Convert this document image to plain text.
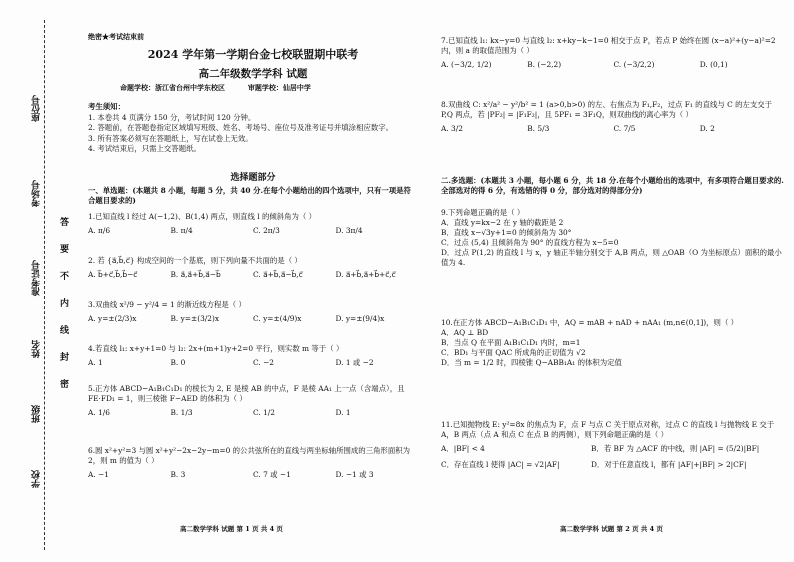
学校
班级
姓名
准考证号
考场号
座位号
答
要
不
内
线
封
密
绝密★考试结束前
2024 学年第一学期台金七校联盟期中联考
高二年级数学学科 试题
命题学校：浙江省台州中学东校区	审题学校：仙居中学
考生须知：
1. 本卷共 4 页满分 150 分，考试时间 120 分钟。
2. 答题前，在答题卷指定区域填写班级、姓名、考场号、座位号及准考证号并填涂相应数字。
3. 所有答案必须写在答题纸上，写在试卷上无效。
4. 考试结束后，只需上交答题纸。
选择题部分
一、单选题：(本题共 8 小题，每题 5 分，共 40 分.在每个小题给出的四个选项中，只有一项是符合题目要求的)
1.已知直线 l 经过 A(−1,2)、B(1,4) 两点，则直线 l 的倾斜角为（ ）
A. π/6	B. π/4	C. 2π/3	D. 3π/4
2. 若 {a⃗,b⃗,c⃗} 构成空间的一个基底，则下列向量不共面的是（ ）
A. b⃗+c⃗,b⃗,b⃗−c⃗	B. a⃗,a⃗+b⃗,a⃗−b⃗	C. a⃗+b⃗,a⃗−b⃗,c⃗	D. a⃗+b⃗,a⃗+b⃗+c⃗,c⃗
3.双曲线 x²/9 − y²/4 = 1 的渐近线方程是（ ）
A. y=±(2/3)x	B. y=±(3/2)x	C. y=±(4/9)x	D. y=±(9/4)x
4.若直线 l₁: x+y+1=0 与 l₂: 2x+(m+1)y+2=0 平行，则实数 m 等于（ ）
A. 1	B. 0	C. −2	D. 1 或 −2
5.正方体 ABCD−A₁B₁C₁D₁ 的棱长为 2, E 是棱 AB 的中点，F 是棱 AA₁ 上一点（含端点），且 FE·FD₁ = 1，则三棱锥 F−AED 的体积为（ ）
A. 1/6	B. 1/3	C. 1/2	D. 1
6.圆 x²+y²=3 与圆 x²+y²−2x−2y−m=0 的公共弦所在的直线与两坐标轴所围成的三角形面积为 2，则 m 的值为（ ）
A. −1	B. 3	C. 7 或 −1	D. −1 或 3
高二数学学科 试题 第 1 页 共 4 页
7.已知直线 l₁: kx−y=0 与直线 l₂: x+ky−k−1=0 相交于点 P，若点 P 始终在圆 (x−a)²+(y−a)²=2 内，则 a 的取值范围为（ ）
A. (−3/2, 1/2)	B. (−2,2)	C. (−3/2,2)	D. (0,1)
8.双曲线 C: x²/a² − y²/b² = 1 (a>0,b>0) 的左、右焦点为 F₁,F₂，过点 F₁ 的直线与 C 的左支交于 P,Q 两点，若 |PF₂| = |F₁F₂|，且 5PF₁ = 3F₁Q，则双曲线的离心率为（ ）
A. 3/2	B. 5/3	C. 7/5	D. 2
二.多选题：(本题共 3 小题，每小题 6 分，共 18 分.在每个小题给出的选项中，有多项符合题目要求的.全部选对的得 6 分，有选错的得 0 分，部分选对的得部分分)
9.下列命题正确的是（ ）
A．直线 y=kx−2 在 y 轴的截距是 2
B．直线 x−√3y+1=0 的倾斜角为 30°
C．过点 (5,4) 且倾斜角为 90° 的直线方程为 x−5=0
D．过点 P(1,2) 的直线 l 与 x，y 轴正半轴分别交于 A,B 两点，则 △OAB（O 为坐标原点）面积的最小值为 4.
10.在正方体 ABCD−A₁B₁C₁D₁ 中，AQ = mAB + nAD + nAA₁ (m,n∈(0,1])，则（ ）
A．AQ ⊥ BD
B．当点 Q 在平面 A₁B₁C₁D₁ 内时，m=1
C．BD₁ 与平面 QAC 所成角的正切值为 √2
D．当 m = 1/2 时，四棱锥 Q−ABB₁A₁ 的体积为定值
11.已知抛物线 E: y²=8x 的焦点为 F，点 F 与点 C 关于原点对称，过点 C 的直线 l 与抛物线 E 交于 A，B 两点（点 A 和点 C 在点 B 的两侧），则下列命题正确的是（ ）
A．|BF| < 4	B．若 BF 为 △ACF 的中线，则 |AF| = (5/2)|BF|
C．存在直线 l 使得 |AC| = √2|AF|	D．对于任意直线 l，都有 |AF|+|BF| > 2|CF|
高二数学学科 试题 第 2 页 共 4 页
